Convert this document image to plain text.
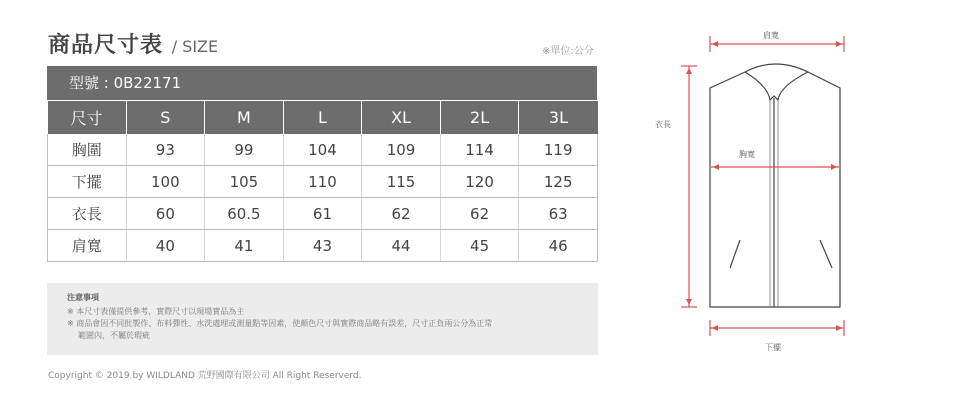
商品尺寸表 / SIZE	※單位:公分
型號 : 0B22171
尺寸	S	M	L	XL	2L	3L
胸圍	93	99	104	109	114	119
下擺	100	105	110	115	120	125
衣長	60	60.5	61	62	62	63
肩寬	40	41	43	44	45	46
注意事項
※ 本尺寸表僅提供參考，實際尺寸以現場實品為主
※ 商品會因不同批製作、布料彈性、水洗處理或測量點等因素，使顏色尺寸與實際商品略有誤差，尺寸正負兩公分為正常
範圍內，不屬於瑕疵
Copyright © 2019 by WILDLAND 荒野國際有限公司 All Right Reserverd.
肩寬
衣長
胸寬
下擺
